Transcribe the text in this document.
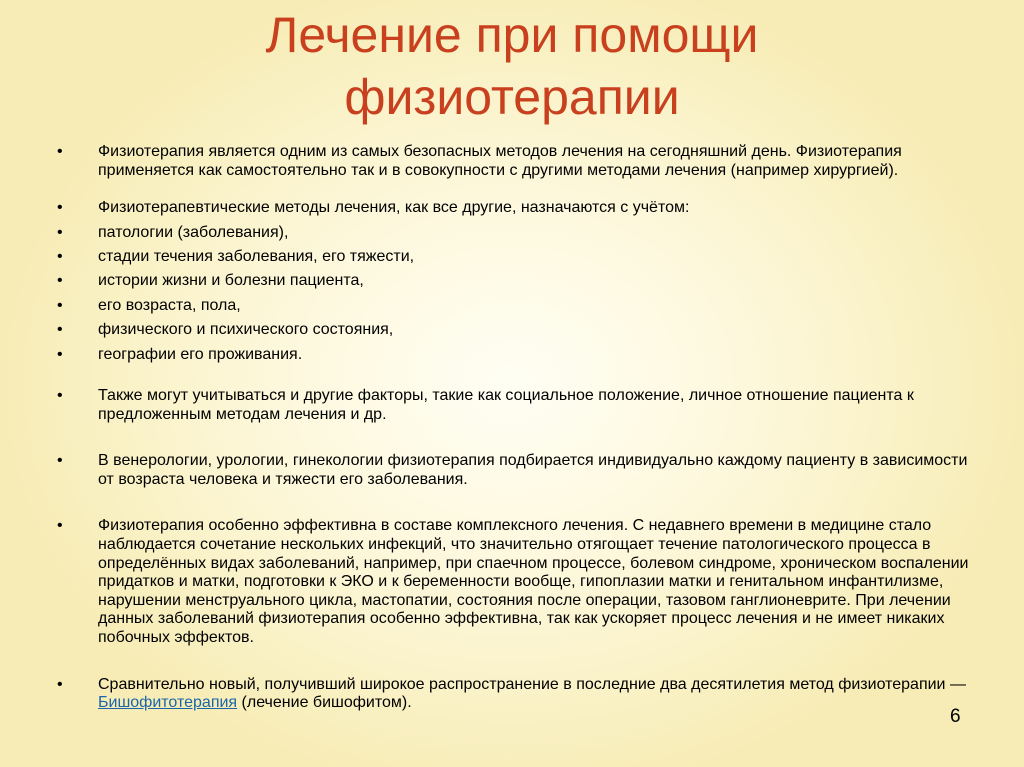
Лечение при помощи
физиотерапии
•	Физиотерапия является одним из самых безопасных методов лечения на сегодняшний день. Физиотерапия применяется как самостоятельно так и в совокупности с другими методами лечения (например хирургией).
•	Физиотерапевтические методы лечения, как все другие, назначаются с учётом:
•	патологии (заболевания),
•	стадии течения заболевания, его тяжести,
•	истории жизни и болезни пациента,
•	его возраста, пола,
•	физического и психического состояния,
•	географии его проживания.
•	Также могут учитываться и другие факторы, такие как социальное положение, личное отношение пациента к предложенным методам лечения и др.
•	В венерологии, урологии, гинекологии физиотерапия подбирается индивидуально каждому пациенту в зависимости от возраста человека и тяжести его заболевания.
•	Физиотерапия особенно эффективна в составе комплексного лечения. С недавнего времени в медицине стало наблюдается сочетание нескольких инфекций, что значительно отягощает течение патологического процесса в определённых видах заболеваний, например, при спаечном процессе, болевом синдроме, хроническом воспалении придатков и матки, подготовки к ЭКО и к беременности вообще, гипоплазии матки и генитальном инфантилизме, нарушении менструального цикла, мастопатии, состояния после операции, тазовом ганглионеврите. При лечении данных заболеваний физиотерапия особенно эффективна, так как ускоряет процесс лечения и не имеет никаких побочных эффектов.
•	Сравнительно новый, получивший широкое распространение в последние два десятилетия метод физиотерапии — Бишофитотерапия (лечение бишофитом).
6
